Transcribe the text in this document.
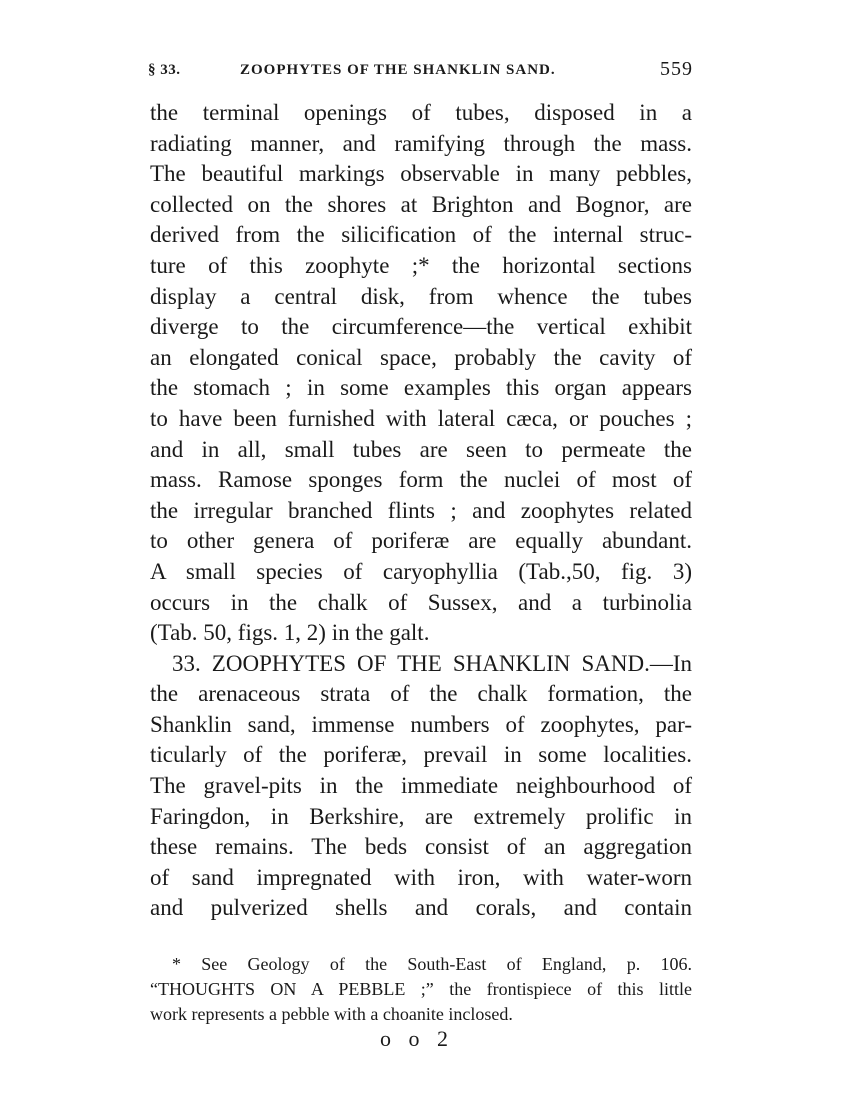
§ 33.	ZOOPHYTES OF THE SHANKLIN SAND.	559
the terminal openings of tubes, disposed in a
radiating manner, and ramifying through the mass.
The beautiful markings observable in many pebbles,
collected on the shores at Brighton and Bognor, are
derived from the silicification of the internal struc-
ture of this zoophyte ;* the horizontal sections
display a central disk, from whence the tubes
diverge to the circumference—the vertical exhibit
an elongated conical space, probably the cavity of
the stomach ; in some examples this organ appears
to have been furnished with lateral cæca, or pouches ;
and in all, small tubes are seen to permeate the
mass. Ramose sponges form the nuclei of most of
the irregular branched flints ; and zoophytes related
to other genera of poriferæ are equally abundant.
A small species of caryophyllia (Tab.,50, fig. 3)
occurs in the chalk of Sussex, and a turbinolia
(Tab. 50, figs. 1, 2) in the galt.
33. ZOOPHYTES OF THE SHANKLIN SAND.—In
the arenaceous strata of the chalk formation, the
Shanklin sand, immense numbers of zoophytes, par-
ticularly of the poriferæ, prevail in some localities.
The gravel-pits in the immediate neighbourhood of
Faringdon, in Berkshire, are extremely prolific in
these remains. The beds consist of an aggregation
of sand impregnated with iron, with water-worn
and pulverized shells and corals, and contain
* See Geology of the South-East of England, p. 106.
“THOUGHTS ON A PEBBLE ;” the frontispiece of this little
work represents a pebble with a choanite inclosed.
o o 2
